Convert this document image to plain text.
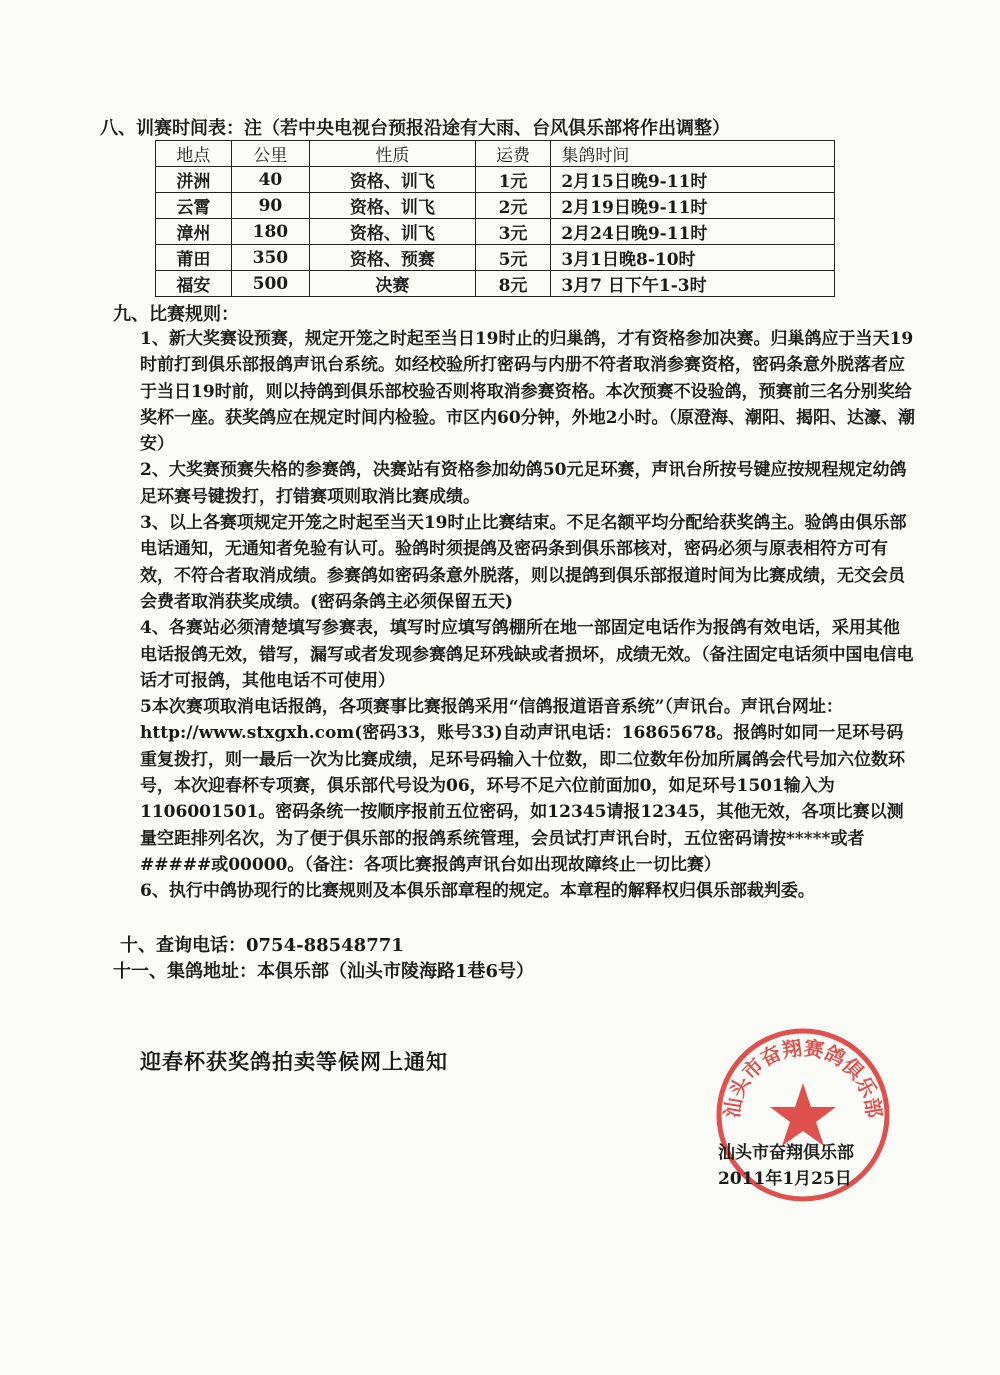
八、训赛时间表：注（若中央电视台预报沿途有大雨、台风俱乐部将作出调整）
地点	公里	性质	运费	集鸽时间
洴洲	40	资格、训飞	1元	2月15日晚9-11时
云霄	90	资格、训飞	2元	2月19日晚9-11时
漳州	180	资格、训飞	3元	2月24日晚9-11时
莆田	350	资格、预赛	5元	3月1日晚8-10时
福安	500	决赛	8元	3月7 日下午1-3时
九、比赛规则：

1、新大奖赛设预赛，规定开笼之时起至当日19时止的归巢鸽，才有资格参加决赛。归巢鸽应于当天19时前打到俱乐部报鸽声讯台系统。如经校验所打密码与内册不符者取消参赛资格，密码条意外脱落者应于当日19时前，则以持鸽到俱乐部校验否则将取消参赛资格。本次预赛不设验鸽，预赛前三名分别奖给奖杯一座。获奖鸽应在规定时间内检验。市区内60分钟，外地2小时。（原澄海、潮阳、揭阳、达濠、潮安）

2、大奖赛预赛失格的参赛鸽，决赛站有资格参加幼鸽50元足环赛，声讯台所按号键应按规程规定幼鸽足环赛号键拨打，打错赛项则取消比赛成绩。

3、以上各赛项规定开笼之时起至当天19时止比赛结束。不足名额平均分配给获奖鸽主。验鸽由俱乐部电话通知，无通知者免验有认可。验鸽时须提鸽及密码条到俱乐部核对，密码必须与原表相符方可有效，不符合者取消成绩。参赛鸽如密码条意外脱落，则以提鸽到俱乐部报道时间为比赛成绩，无交会员会费者取消获奖成绩。(密码条鸽主必须保留五天)

4、各赛站必须清楚填写参赛表，填写时应填写鸽棚所在地一部固定电话作为报鸽有效电话，采用其他电话报鸽无效，错写，漏写或者发现参赛鸽足环残缺或者损坏，成绩无效。（备注固定电话须中国电信电话才可报鸽，其他电话不可使用）

5本次赛项取消电话报鸽，各项赛事比赛报鸽采用“信鸽报道语音系统”（声讯台。声讯台网址：http://www.stxgxh.com(密码33，账号33)自动声讯电话：16865678。报鸽时如同一足环号码重复拨打，则一最后一次为比赛成绩，足环号码输入十位数，即二位数年份加所属鸽会代号加六位数环号，本次迎春杯专项赛，俱乐部代号设为06，环号不足六位前面加0，如足环号1501输入为1106001501。密码条统一按顺序报前五位密码，如12345请报12345，其他无效，各项比赛以测量空距排列名次，为了便于俱乐部的报鸽系统管理，会员试打声讯台时，五位密码请按*****或者#####或00000。（备注：各项比赛报鸽声讯台如出现故障终止一切比赛）

6、执行中鸽协现行的比赛规则及本俱乐部章程的规定。本章程的解释权归俱乐部裁判委。

十、查询电话：0754-88548771
十一、集鸽地址：本俱乐部（汕头市陵海路1巷6号）
迎春杯获奖鸽拍卖等候网上通知
汕头市奋翔赛鸽俱乐部
汕头市奋翔俱乐部
2011年1月25日
